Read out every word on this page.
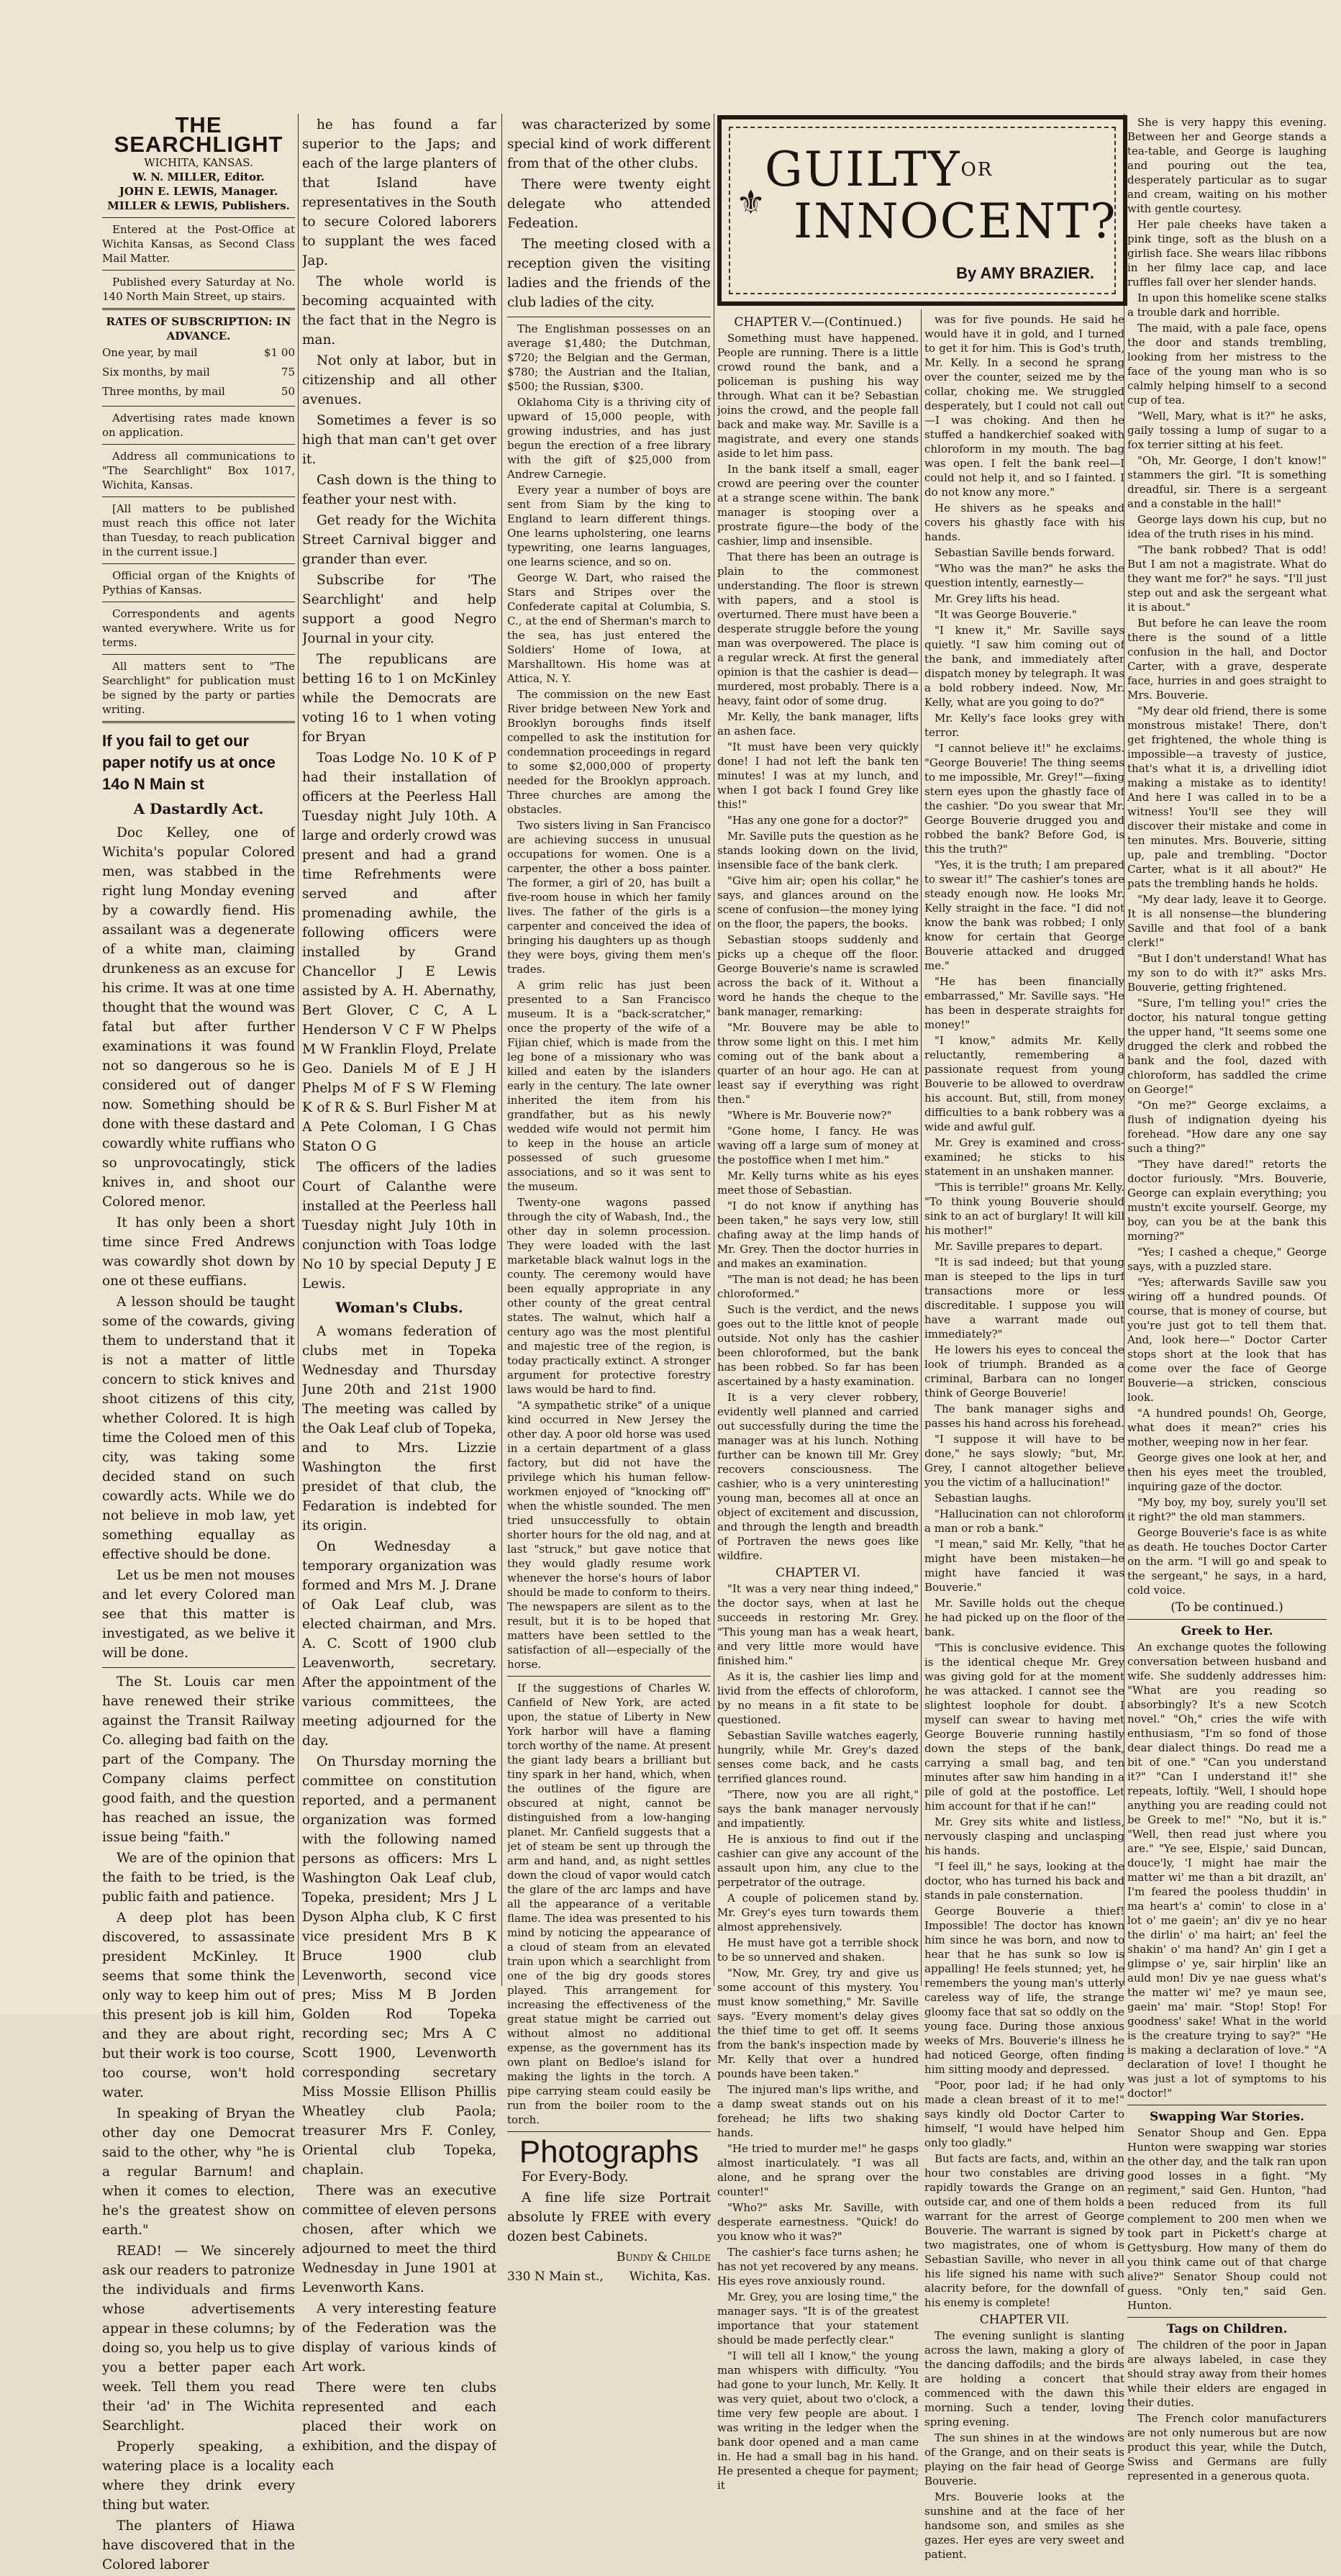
THE SEARCHLIGHT
WICHITA, KANSAS.
W. N. MILLER, Editor.
JOHN E. LEWIS, Manager.
MILLER & LEWIS, Publishers.

Entered at the Post-Office at Wichita Kansas, as Second Class Mail Matter.

Published every Saturday at No. 140 North Main Street, up stairs.

RATES OF SUBSCRIPTION: IN ADVANCE.
One year, by mail	$1 00
Six months, by mail	75
Three months, by mail	50

Advertising rates made known on application.

Address all communications to "The Searchlight" Box 1017, Wichita, Kansas.

[All matters to be published must reach this office not later than Tuesday, to reach publication in the current issue.]

Official organ of the Knights of Pythias of Kansas.

Correspondents and agents wanted everywhere. Write us for terms.

All matters sent to "The Searchlight" for publication must be signed by the party or parties writing.

If you fail to get our paper notify us at once 14o N Main st
A Dastardly Act.

Doc Kelley, one of Wichita's popular Colored men, was stabbed in the right lung Monday evening by a cowardly fiend. His assailant was a degenerate of a white man, claiming drunkeness as an excuse for his crime. It was at one time thought that the wound was fatal but after further examinations it was found not so dangerous so he is considered out of danger now. Something should be done with these dastard and cowardly white ruffians who so unprovocatingly, stick knives in, and shoot our Colored menor.

It has only been a short time since Fred Andrews was cowardly shot down by one ot these euffians.

A lesson should be taught some of the cowards, giving them to understand that it is not a matter of little concern to stick knives and shoot citizens of this city, whether Colored. It is high time the Coloed men of this city, was taking some decided stand on such cowardly acts. While we do not believe in mob law, yet something equallay as effective should be done.

Let us be men not mouses and let every Colored man see that this matter is investigated, as we belive it will be done.

The St. Louis car men have renewed their strike against the Transit Railway Co. alleging bad faith on the part of the Company. The Company claims perfect good faith, and the question has reached an issue, the issue being "faith."

We are of the opinion that the faith to be tried, is the public faith and patience.

A deep plot has been discovered, to assassinate president McKinley. It seems that some think the only way to keep him out of this present job is kill him, and they are about right, but their work is too course, too course, won't hold water.

In speaking of Bryan the other day one Democrat said to the other, why "he is a regular Barnum! and when it comes to election, he's the greatest show on earth."

READ! — We sincerely ask our readers to patronize the individuals and firms whose advertisements appear in these columns; by doing so, you help us to give you a better paper each week. Tell them you read their 'ad' in The Wichita Searchlight.

Properly speaking, a watering place is a locality where they drink every thing but water.

The planters of Hiawa have discovered that in the Colored laborer

he has found a far superior to the Japs; and each of the large planters of that Island have representatives in the South to secure Colored laborers to supplant the wes faced Jap.

The whole world is becoming acquainted with the fact that in the Negro is man.

Not only at labor, but in citizenship and all other avenues.

Sometimes a fever is so high that man can't get over it.

Cash down is the thing to feather your nest with.

Get ready for the Wichita Street Carnival bigger and grander than ever.

Subscribe for 'The Searchlight' and help support a good Negro Journal in your city.

The republicans are betting 16 to 1 on McKinley while the Democrats are voting 16 to 1 when voting for Bryan

Toas Lodge No. 10 K of P had their installation of officers at the Peerless Hall Tuesday night July 10th. A large and orderly crowd was present and had a grand time Refrehments were served and after promenading awhile, the following officers were installed by Grand Chancellor J E Lewis assisted by A. H. Abernathy, Bert Glover, C C, A L Henderson V C F W Phelps M W Franklin Floyd, Prelate Geo. Daniels M of E J H Phelps M of F S W Fleming K of R & S. Burl Fisher M at A Pete Coloman, I G Chas Staton O G

The officers of the ladies Court of Calanthe were installed at the Peerless hall Tuesday night July 10th in conjunction with Toas lodge No 10 by special Deputy J E Lewis.

Woman's Clubs.

A womans federation of clubs met in Topeka Wednesday and Thursday June 20th and 21st 1900 The meeting was called by the Oak Leaf club of Topeka, and to Mrs. Lizzie Washington the first presidet of that club, the Fedaration is indebted for its origin.

On Wednesday a temporary organization was formed and Mrs M. J. Drane of Oak Leaf club, was elected chairman, and Mrs. A. C. Scott of 1900 club Leavenworth, secretary. After the appointment of the various committees, the meeting adjourned for the day.

On Thursday morning the committee on constitution reported, and a permanent organization was formed with the following named persons as officers: Mrs L Washington Oak Leaf club, Topeka, president; Mrs J L Dyson Alpha club, K C first vice president Mrs B K Bruce 1900 club Levenworth, second vice pres; Miss M B Jorden Golden Rod Topeka recording sec; Mrs A C Scott 1900, Levenworth corresponding secretary Miss Mossie Ellison Phillis Wheatley club Paola; treasurer Mrs F. Conley, Oriental club Topeka, chaplain.

There was an executive committee of eleven persons chosen, after which we adjourned to meet the third Wednesday in June 1901 at Levenworth Kans.

A very interesting feature of the Federation was the display of various kinds of Art work.

There were ten clubs represented and each placed their work on exhibition, and the dispay of each

was characterized by some special kind of work different from that of the other clubs.

There were twenty eight delegate who attended Fedeation.

The meeting closed with a reception given the visiting ladies and the friends of the club ladies of the city.

The Englishman possesses on an average $1,480; the Dutchman, $720; the Belgian and the German, $780; the Austrian and the Italian, $500; the Russian, $300.

Oklahoma City is a thriving city of upward of 15,000 people, with growing industries, and has just begun the erection of a free library with the gift of $25,000 from Andrew Carnegie.

Every year a number of boys are sent from Siam by the king to England to learn different things. One learns upholstering, one learns typewriting, one learns languages, one learns science, and so on.

George W. Dart, who raised the Stars and Stripes over the Confederate capital at Columbia, S. C., at the end of Sherman's march to the sea, has just entered the Soldiers' Home of Iowa, at Marshalltown. His home was at Attica, N. Y.

The commission on the new East River bridge between New York and Brooklyn boroughs finds itself compelled to ask the institution for condemnation proceedings in regard to some $2,000,000 of property needed for the Brooklyn approach. Three churches are among the obstacles.

Two sisters living in San Francisco are achieving success in unusual occupations for women. One is a carpenter, the other a boss painter. The former, a girl of 20, has built a five-room house in which her family lives. The father of the girls is a carpenter and conceived the idea of bringing his daughters up as though they were boys, giving them men's trades.

A grim relic has just been presented to a San Francisco museum. It is a "back-scratcher," once the property of the wife of a Fijian chief, which is made from the leg bone of a missionary who was killed and eaten by the islanders early in the century. The late owner inherited the item from his grandfather, but as his newly wedded wife would not permit him to keep in the house an article possessed of such gruesome associations, and so it was sent to the museum.

Twenty-one wagons passed through the city of Wabash, Ind., the other day in solemn procession. They were loaded with the last marketable black walnut logs in the county. The ceremony would have been equally appropriate in any other county of the great central states. The walnut, which half a century ago was the most plentiful and majestic tree of the region, is today practically extinct. A stronger argument for protective forestry laws would be hard to find.

"A sympathetic strike" of a unique kind occurred in New Jersey the other day. A poor old horse was used in a certain department of a glass factory, but did not have the privilege which his human fellow-workmen enjoyed of "knocking off" when the whistle sounded. The men tried unsuccessfully to obtain shorter hours for the old nag, and at last "struck," but gave notice that they would gladly resume work whenever the horse's hours of labor should be made to conform to theirs. The newspapers are silent as to the result, but it is to be hoped that matters have been settled to the satisfaction of all—especially of the horse.

If the suggestions of Charles W. Canfield of New York, are acted upon, the statue of Liberty in New York harbor will have a flaming torch worthy of the name. At present the giant lady bears a brilliant but tiny spark in her hand, which, when the outlines of the figure are obscured at night, cannot be distinguished from a low-hanging planet. Mr. Canfield suggests that a jet of steam be sent up through the arm and hand, and, as night settles down the cloud of vapor would catch the glare of the arc lamps and have all the appearance of a veritable flame. The idea was presented to his mind by noticing the appearance of a cloud of steam from an elevated train upon which a searchlight from one of the big dry goods stores played. This arrangement for increasing the effectiveness of the great statue might be carried out without almost no additional expense, as the government has its own plant on Bedloe's island for making the lights in the torch. A pipe carrying steam could easily be run from the boiler room to the torch.

Photographs

For Every-Body.

A fine life size Portrait absolute ly FREE with every dozen best Cabinets.

Bundy & Childe
330 N Main st., Wichita, Kas.
⚜
$GUILTY^{OR}$
INNOCENT?
By AMY BRAZIER.
CHAPTER V.—(Continued.)

Something must have happened. People are running. There is a little crowd round the bank, and a policeman is pushing his way through. What can it be? Sebastian joins the crowd, and the people fall back and make way. Mr. Saville is a magistrate, and every one stands aside to let him pass.

In the bank itself a small, eager crowd are peering over the counter at a strange scene within. The bank manager is stooping over a prostrate figure—the body of the cashier, limp and insensible.

That there has been an outrage is plain to the commonest understanding. The floor is strewn with papers, and a stool is overturned. There must have been a desperate struggle before the young man was overpowered. The place is a regular wreck. At first the general opinion is that the cashier is dead—murdered, most probably. There is a heavy, faint odor of some drug.

Mr. Kelly, the bank manager, lifts an ashen face.

"It must have been very quickly done! I had not left the bank ten minutes! I was at my lunch, and when I got back I found Grey like this!"

"Has any one gone for a doctor?"

Mr. Saville puts the question as he stands looking down on the livid, insensible face of the bank clerk.

"Give him air; open his collar," he says, and glances around on the scene of confusion—the money lying on the floor, the papers, the books.

Sebastian stoops suddenly and picks up a cheque off the floor. George Bouverie's name is scrawled across the back of it. Without a word he hands the cheque to the bank manager, remarking:

"Mr. Bouvere may be able to throw some light on this. I met him coming out of the bank about a quarter of an hour ago. He can at least say if everything was right then."

"Where is Mr. Bouverie now?"

"Gone home, I fancy. He was waving off a large sum of money at the postoffice when I met him."

Mr. Kelly turns white as his eyes meet those of Sebastian.

"I do not know if anything has been taken," he says very low, still chafing away at the limp hands of Mr. Grey. Then the doctor hurries in and makes an examination.

"The man is not dead; he has been chloroformed."

Such is the verdict, and the news goes out to the little knot of people outside. Not only has the cashier been chloroformed, but the bank has been robbed. So far has been ascertained by a hasty examination.

It is a very clever robbery, evidently well planned and carried out successfully during the time the manager was at his lunch. Nothing further can be known till Mr. Grey recovers consciousness. The cashier, who is a very uninteresting young man, becomes all at once an object of excitement and discussion, and through the length and breadth of Portraven the news goes like wildfire.

CHAPTER VI.

"It was a very near thing indeed," the doctor says, when at last he succeeds in restoring Mr. Grey. "This young man has a weak heart, and very little more would have finished him."

As it is, the cashier lies limp and livid from the effects of chloroform, by no means in a fit state to be questioned.

Sebastian Saville watches eagerly, hungrily, while Mr. Grey's dazed senses come back, and he casts terrified glances round.

"There, now you are all right," says the bank manager nervously and impatiently.

He is anxious to find out if the cashier can give any account of the assault upon him, any clue to the perpetrator of the outrage.

A couple of policemen stand by. Mr. Grey's eyes turn towards them almost apprehensively.

He must have got a terrible shock to be so unnerved and shaken.

"Now, Mr. Grey, try and give us some account of this mystery. You must know something," Mr. Saville says. "Every moment's delay gives the thief time to get off. It seems from the bank's inspection made by Mr. Kelly that over a hundred pounds have been taken."

The injured man's lips writhe, and a damp sweat stands out on his forehead; he lifts two shaking hands.

"He tried to murder me!" he gasps almost inarticulately. "I was all alone, and he sprang over the counter!"

"Who?" asks Mr. Saville, with desperate earnestness. "Quick! do you know who it was?"

The cashier's face turns ashen; he has not yet recovered by any means. His eyes rove anxiously round.

Mr. Grey, you are losing time," the manager says. "It is of the greatest importance that your statement should be made perfectly clear."

"I will tell all I know," the young man whispers with difficulty. "You had gone to your lunch, Mr. Kelly. It was very quiet, about two o'clock, a time very few people are about. I was writing in the ledger when the bank door opened and a man came in. He had a small bag in his hand. He presented a cheque for payment; it

was for five pounds. He said he would have it in gold, and I turned to get it for him. This is God's truth, Mr. Kelly. In a second he sprang over the counter, seized me by the collar, choking me. We struggled desperately, but I could not call out—I was choking. And then he stuffed a handkerchief soaked with chloroform in my mouth. The bag was open. I felt the bank reel—I could not help it, and so I fainted. I do not know any more."

He shivers as he speaks and covers his ghastly face with his hands.

Sebastian Saville bends forward.

"Who was the man?" he asks the question intently, earnestly—

Mr. Grey lifts his head.

"It was George Bouverie."

"I knew it," Mr. Saville says quietly. "I saw him coming out of the bank, and immediately after dispatch money by telegraph. It was a bold robbery indeed. Now, Mr. Kelly, what are you going to do?"

Mr. Kelly's face looks grey with terror.

"I cannot believe it!" he exclaims. "George Bouverie! The thing seems to me impossible, Mr. Grey!"—fixing stern eyes upon the ghastly face of the cashier. "Do you swear that Mr. George Bouverie drugged you and robbed the bank? Before God, is this the truth?"

"Yes, it is the truth; I am prepared to swear it!" The cashier's tones are steady enough now. He looks Mr. Kelly straight in the face. "I did not know the bank was robbed; I only know for certain that George Bouverie attacked and drugged me."

"He has been financially embarrassed," Mr. Saville says. "He has been in desperate straights for money!"

"I know," admits Mr. Kelly reluctantly, remembering a passionate request from young Bouverie to be allowed to overdraw his account. But, still, from money difficulties to a bank robbery was a wide and awful gulf.

Mr. Grey is examined and cross-examined; he sticks to his statement in an unshaken manner.

"This is terrible!" groans Mr. Kelly. "To think young Bouverie should sink to an act of burglary! It will kill his mother!"

Mr. Saville prepares to depart.

"It is sad indeed; but that young man is steeped to the lips in turf transactions more or less discreditable. I suppose you will have a warrant made out immediately?"

He lowers his eyes to conceal the look of triumph. Branded as a criminal, Barbara can no longer think of George Bouverie!

The bank manager sighs and passes his hand across his forehead.

"I suppose it will have to be done," he says slowly; "but, Mr. Grey, I cannot altogether believe you the victim of a hallucination!"

Sebastian laughs.

"Hallucination can not chloroform a man or rob a bank."

"I mean," said Mr. Kelly, "that he might have been mistaken—he might have fancied it was Bouverie."

Mr. Saville holds out the cheque he had picked up on the floor of the bank.

"This is conclusive evidence. This is the identical cheque Mr. Grey was giving gold for at the moment he was attacked. I cannot see the slightest loophole for doubt. I myself can swear to having met George Bouverie running hastily down the steps of the bank, carrying a small bag, and ten minutes after saw him handing in a pile of gold at the postoffice. Let him account for that if he can!"

Mr. Grey sits white and listless, nervously clasping and unclasping his hands.

"I feel ill," he says, looking at the doctor, who has turned his back and stands in pale consternation.

George Bouverie a thief! Impossible! The doctor has known him since he was born, and now to hear that he has sunk so low is appalling! He feels stunned; yet, he remembers the young man's utterly careless way of life, the strange gloomy face that sat so oddly on the young face. During those anxious weeks of Mrs. Bouverie's illness he had noticed George, often finding him sitting moody and depressed.

"Poor, poor lad; if he had only made a clean breast of it to me!" says kindly old Doctor Carter to himself, "I would have helped him only too gladly."

But facts are facts, and, within an hour two constables are driving rapidly towards the Grange on an outside car, and one of them holds a warrant for the arrest of George Bouverie. The warrant is signed by two magistrates, one of whom is Sebastian Saville, who never in all his life signed his name with such alacrity before, for the downfall of his enemy is complete!

CHAPTER VII.

The evening sunlight is slanting across the lawn, making a glory of the dancing daffodils; and the birds are holding a concert that commenced with the dawn this morning. Such a tender, loving spring evening.

The sun shines in at the windows of the Grange, and on their seats is playing on the fair head of George Bouverie.

Mrs. Bouverie looks at the sunshine and at the face of her handsome son, and smiles as she gazes. Her eyes are very sweet and patient.

She is very happy this evening. Between her and George stands a tea-table, and George is laughing and pouring out the tea, desperately particular as to sugar and cream, waiting on his mother with gentle courtesy.

Her pale cheeks have taken a pink tinge, soft as the blush on a girlish face. She wears lilac ribbons in her filmy lace cap, and lace ruffles fall over her slender hands.

In upon this homelike scene stalks a trouble dark and horrible.

The maid, with a pale face, opens the door and stands trembling, looking from her mistress to the face of the young man who is so calmly helping himself to a second cup of tea.

"Well, Mary, what is it?" he asks, gaily tossing a lump of sugar to a fox terrier sitting at his feet.

"Oh, Mr. George, I don't know!" stammers the girl. "It is something dreadful, sir. There is a sergeant and a constable in the hall!"

George lays down his cup, but no idea of the truth rises in his mind.

"The bank robbed? That is odd! But I am not a magistrate. What do they want me for?" he says. "I'll just step out and ask the sergeant what it is about."

But before he can leave the room there is the sound of a little confusion in the hall, and Doctor Carter, with a grave, desperate face, hurries in and goes straight to Mrs. Bouverie.

"My dear old friend, there is some monstrous mistake! There, don't get frightened, the whole thing is impossible—a travesty of justice, that's what it is, a drivelling idiot making a mistake as to identity! And here I was called in to be a witness! You'll see they will discover their mistake and come in ten minutes. Mrs. Bouverie, sitting up, pale and trembling. "Doctor Carter, what is it all about?" He pats the trembling hands he holds.

"My dear lady, leave it to George. It is all nonsense—the blundering Saville and that fool of a bank clerk!"

"But I don't understand! What has my son to do with it?" asks Mrs. Bouverie, getting frightened.

"Sure, I'm telling you!" cries the doctor, his natural tongue getting the upper hand, "It seems some one drugged the clerk and robbed the bank and the fool, dazed with chloroform, has saddled the crime on George!"

"On me?" George exclaims, a flush of indignation dyeing his forehead. "How dare any one say such a thing?"

"They have dared!" retorts the doctor furiously. "Mrs. Bouverie, George can explain everything; you mustn't excite yourself. George, my boy, can you be at the bank this morning?"

"Yes; I cashed a cheque," George says, with a puzzled stare.

"Yes; afterwards Saville saw you wiring off a hundred pounds. Of course, that is money of course, but you're just got to tell them that. And, look here—" Doctor Carter stops short at the look that has come over the face of George Bouverie—a stricken, conscious look.

"A hundred pounds! Oh, George, what does it mean?" cries his mother, weeping now in her fear.

George gives one look at her, and then his eyes meet the troubled, inquiring gaze of the doctor.

"My boy, my boy, surely you'll set it right?" the old man stammers.

George Bouverie's face is as white as death. He touches Doctor Carter on the arm. "I will go and speak to the sergeant," he says, in a hard, cold voice.

(To be continued.)
Greek to Her.

An exchange quotes the following conversation between husband and wife. She suddenly addresses him: "What are you reading so absorbingly? It's a new Scotch novel." "Oh," cries the wife with enthusiasm, "I'm so fond of those dear dialect things. Do read me a bit of one." "Can you understand it?" "Can I understand it!" she repeats, loftily. "Well, I should hope anything you are reading could not be Greek to me!" "No, but it is." "Well, then read just where you are." "Ye see, Elspie,' said Duncan, douce'ly, 'I might hae mair the matter wi' me than a bit drazilt, an' I'm feared the pooless thuddin' in ma heart's a' comin' to close in a' lot o' me gaein'; an' div ye no hear the dirlin' o' ma hairt; an' feel the shakin' o' ma hand? An' gin I get a glimpse o' ye, sair hirplin' like an auld mon! Div ye nae guess what's the matter wi' me? ye maun see, gaein' ma' mair. "Stop! Stop! For goodness' sake! What in the world is the creature trying to say?" "He is making a declaration of love." "A declaration of love! I thought he was just a lot of symptoms to his doctor!"

Swapping War Stories.

Senator Shoup and Gen. Eppa Hunton were swapping war stories the other day, and the talk ran upon good losses in a fight. "My regiment," said Gen. Hunton, "had been reduced from its full complement to 200 men when we took part in Pickett's charge at Gettysburg. How many of them do you think came out of that charge alive?" Senator Shoup could not guess. "Only ten," said Gen. Hunton.

Tags on Children.

The children of the poor in Japan are always labeled, in case they should stray away from their homes while their elders are engaged in their duties.

The French color manufacturers are not only numerous but are now product this year, while the Dutch, Swiss and Germans are fully represented in a generous quota.
